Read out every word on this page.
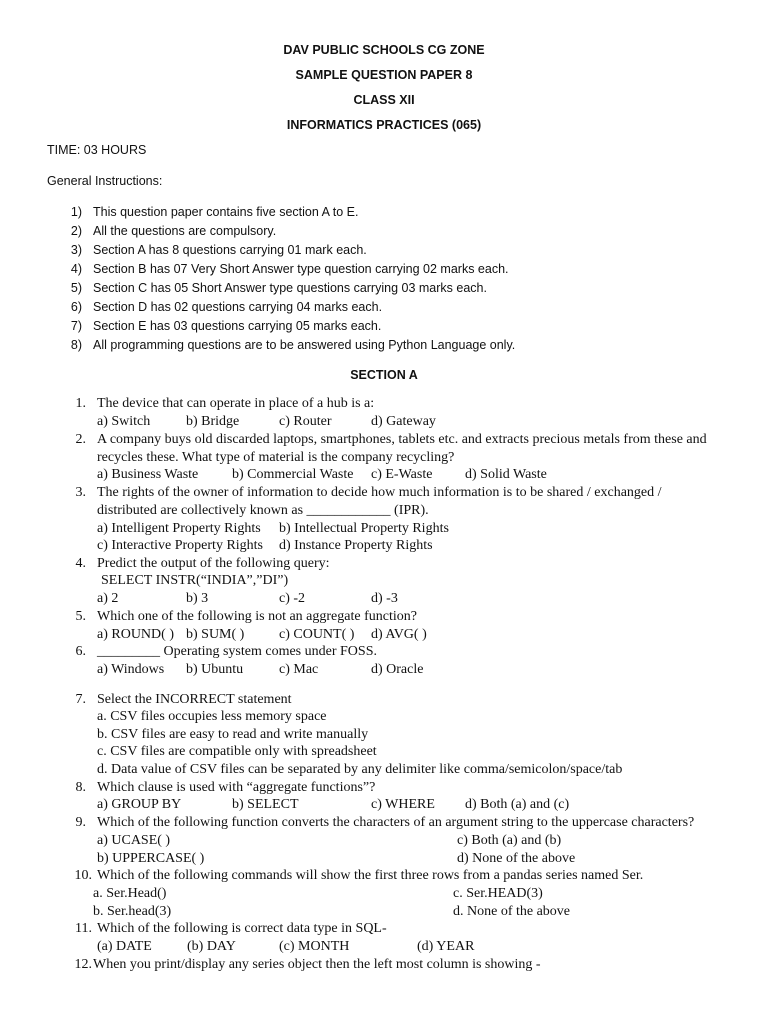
DAV PUBLIC SCHOOLS CG ZONE
SAMPLE QUESTION PAPER 8
CLASS XII
INFORMATICS PRACTICES (065)
TIME: 03 HOURS
General Instructions:
1) This question paper contains five section A to E.
2) All the questions are compulsory.
3) Section A has 8 questions carrying 01 mark each.
4) Section B has 07 Very Short Answer type question carrying 02 marks each.
5) Section C has 05 Short Answer type questions carrying 03 marks each.
6) Section D has 02 questions carrying 04 marks each.
7) Section E has 03 questions carrying 05 marks each.
8) All programming questions are to be answered using Python Language only.
SECTION A
1. The device that can operate in place of a hub is a:
a) Switch	b) Bridge	c) Router	d) Gateway
2. A company buys old discarded laptops, smartphones, tablets etc. and extracts precious metals from these and
recycles these. What type of material is the company recycling?
a) Business Waste b) Commercial Waste c) E-Waste d) Solid Waste
3. The rights of the owner of information to decide how much information is to be shared / exchanged /
distributed are collectively known as ____________ (IPR).
a) Intelligent Property Rights b) Intellectual Property Rights
c) Interactive Property Rights d) Instance Property Rights
4. Predict the output of the following query:
SELECT INSTR(“INDIA”,”DI”)
a) 2	b) 3	c) -2	d) -3
5. Which one of the following is not an aggregate function?
a) ROUND( ) b) SUM( ) c) COUNT( ) d) AVG( )
6. _________ Operating system comes under FOSS.
a) Windows b) Ubuntu	c) Mac	d) Oracle
7. Select the INCORRECT statement
a. CSV files occupies less memory space
b. CSV files are easy to read and write manually
c. CSV files are compatible only with spreadsheet
d. Data value of CSV files can be separated by any delimiter like comma/semicolon/space/tab
8. Which clause is used with “aggregate functions”?
a) GROUP BY	b) SELECT	c) WHERE d) Both (a) and (c)
9. Which of the following function converts the characters of an argument string to the uppercase characters?
a) UCASE( )	c) Both (a) and (b)
b) UPPERCASE( )	d) None of the above
10. Which of the following commands will show the first three rows from a pandas series named Ser.
a. Ser.Head()	c. Ser.HEAD(3)
b. Ser.head(3)	d. None of the above
11. Which of the following is correct data type in SQL-
(a) DATE	(b) DAY	(c) MONTH	(d) YEAR
12. When you print/display any series object then the left most column is showing -
